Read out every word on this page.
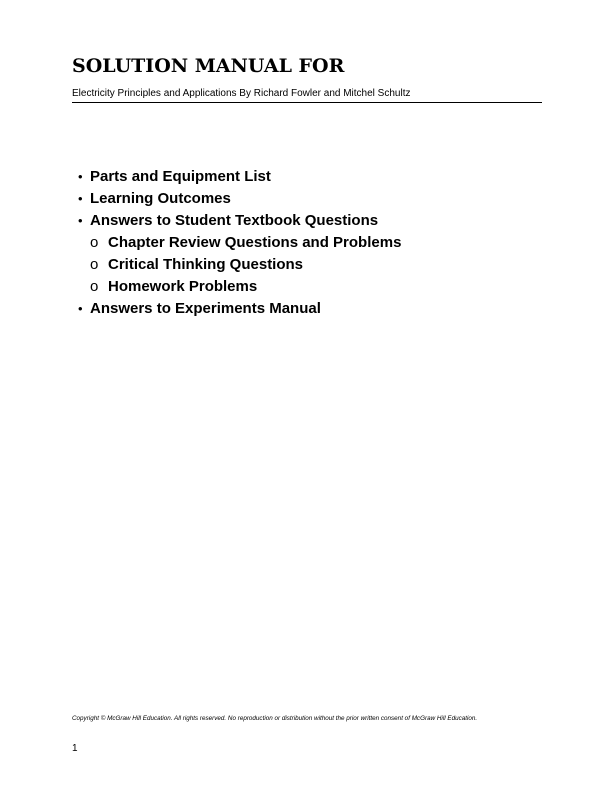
SOLUTION MANUAL FOR
Electricity Principles and Applications By Richard Fowler and Mitchel Schultz
• Parts and Equipment List
• Learning Outcomes
• Answers to Student Textbook Questions
o Chapter Review Questions and Problems
o Critical Thinking Questions
o Homework Problems
• Answers to Experiments Manual
Copyright © McGraw Hill Education. All rights reserved. No reproduction or distribution without the prior written consent of McGraw Hill Education.
1
